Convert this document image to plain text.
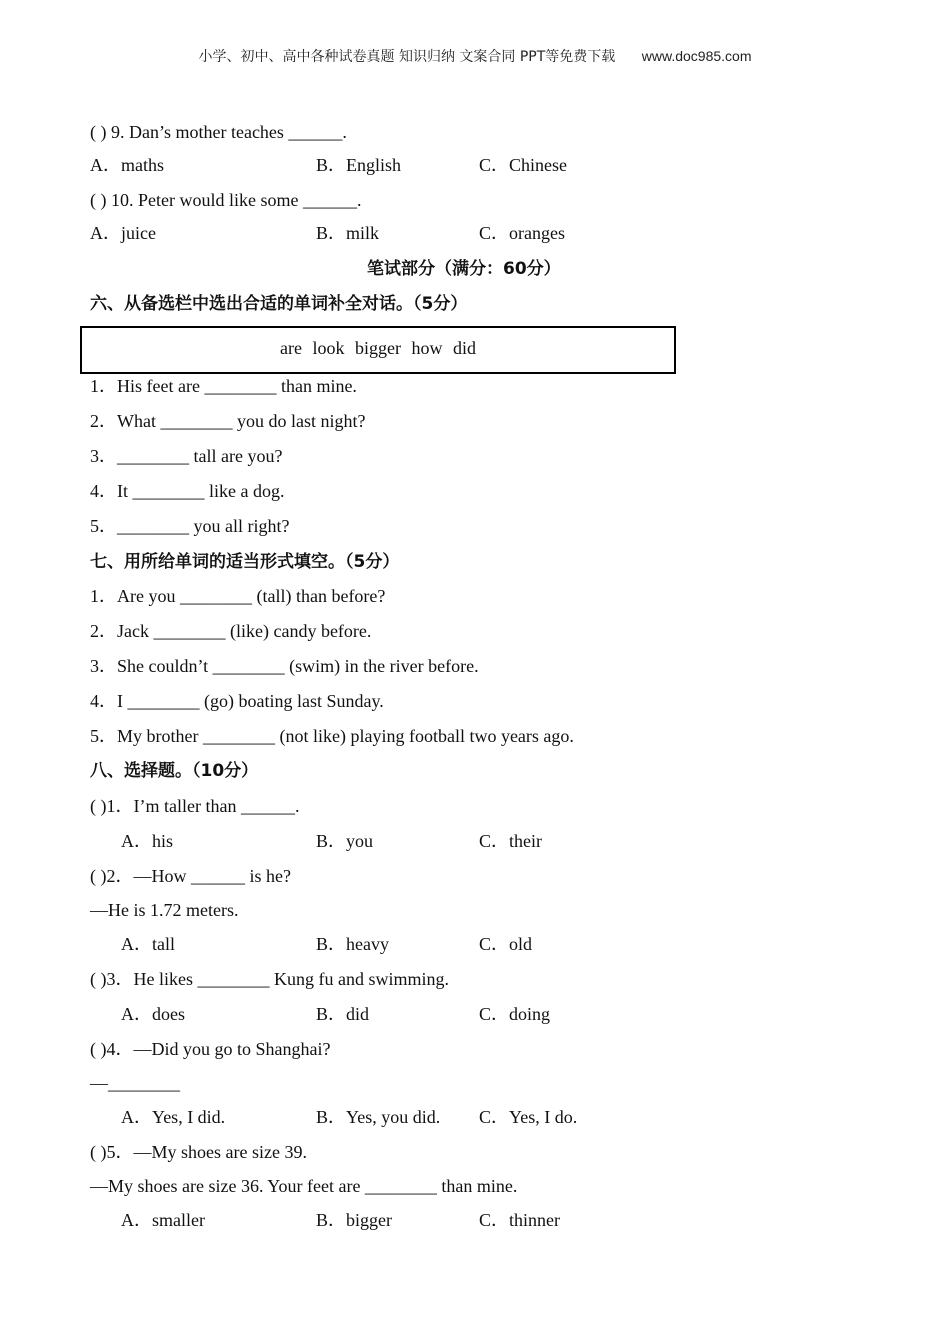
小学、初中、高中各种试卷真题 知识归纳 文案合同 PPT等免费下载 www.doc985.com
( ) 9. Dan’s mother teaches ______.
A．maths	B．English	C．Chinese
( ) 10. Peter would like some ______.
A．juice	B．milk	C．oranges
笔试部分（满分：60分）
六、从备选栏中选出合适的单词补全对话。（5分）
are look bigger how did
1．His feet are ________ than mine.
2．What ________ you do last night?
3．________ tall are you?
4．It ________ like a dog.
5．________ you all right?
七、用所给单词的适当形式填空。（5分）
1．Are you ________ (tall) than before?
2．Jack ________ (like) candy before.
3．She couldn’t ________ (swim) in the river before.
4．I ________ (go) boating last Sunday.
5．My brother ________ (not like) playing football two years ago.
八、选择题。（10分）
( )1．I’m taller than ______.
A．his	B．you	C．their
( )2．—How ______ is he?
—He is 1.72 meters.
A．tall	B．heavy	C．old
( )3．He likes ________ Kung fu and swimming.
A．does	B．did	C．doing
( )4．—Did you go to Shanghai?
—________
A．Yes, I did.	B．Yes, you did. C．Yes, I do.
( )5．—My shoes are size 39.
—My shoes are size 36. Your feet are ________ than mine.
A．smaller	B．bigger	C．thinner
